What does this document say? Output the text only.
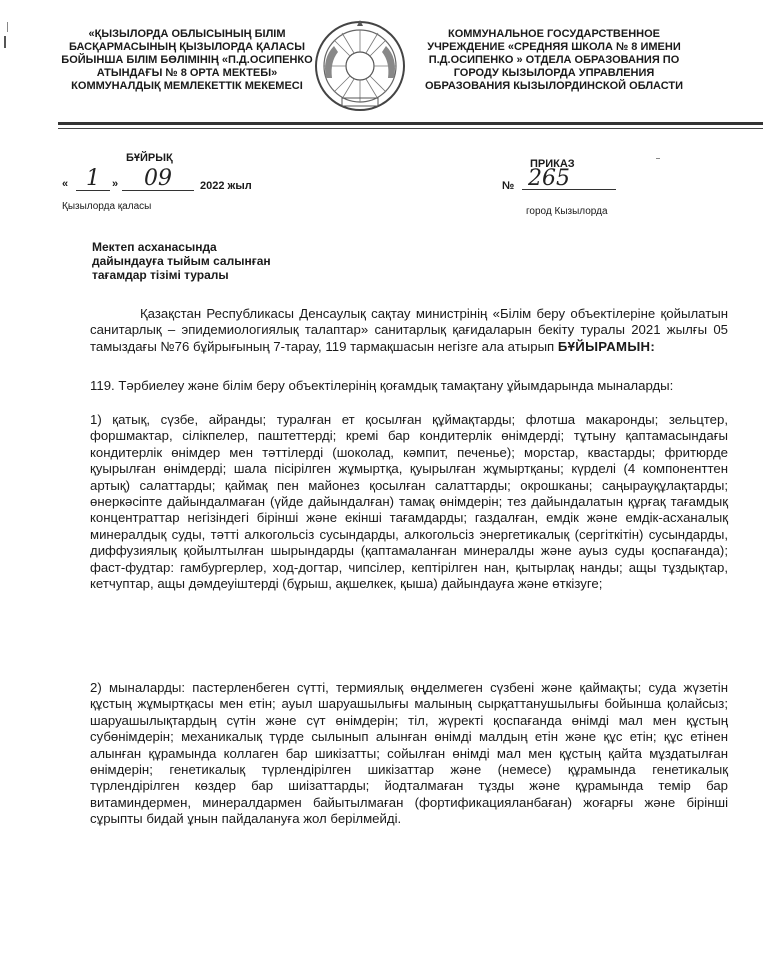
«ҚЫЗЫЛОРДА ОБЛЫСЫНЫҢ БІЛІМ БАСҚАРМАСЫНЫҢ ҚЫЗЫЛОРДА ҚАЛАСЫ БОЙЫНША БІЛІМ БӨЛІМІНІҢ «П.Д.ОСИПЕНКО АТЫНДАҒЫ № 8 ОРТА МЕКТЕБІ» КОММУНАЛДЫҚ МЕМЛЕКЕТТІК МЕКЕМЕСІ
КОММУНАЛЬНОЕ ГОСУДАРСТВЕННОЕ УЧРЕЖДЕНИЕ «СРЕДНЯЯ ШКОЛА № 8 ИМЕНИ П.Д.ОСИПЕНКО » ОТДЕЛА ОБРАЗОВАНИЯ ПО ГОРОДУ КЫЗЫЛОРДА УПРАВЛЕНИЯ ОБРАЗОВАНИЯ КЫЗЫЛОРДИНСКОЙ ОБЛАСТИ
БҰЙРЫҚ	ПРИКАЗ
« 1	»	09	2022 жыл	№ 265
Қызылорда қаласы	город Кызылорда
Мектеп асханасында
дайындауға тыйым салынған
тағамдар тізімі туралы
Қазақстан Республикасы Денсаулық сақтау министрінің «Білім беру объектілеріне қойылатын санитарлық – эпидемиологиялық талаптар» санитарлық қағидаларын бекіту туралы 2021 жылғы 05 тамыздағы №76 бұйрығының 7-тарау, 119 тармақшасын негізге ала атырып БҰЙЫРАМЫН:
119. Тәрбиелеу және білім беру объектілерінің қоғамдық тамақтану ұйымдарында мыналарды:
1) қатық, сүзбе, айранды; туралған ет қосылған құймақтарды; флотша макаронды; зельцтер, форшмактар, сілікпелер, паштеттерді; кремі бар кондитерлік өнімдерді; тұтыну қаптамасындағы кондитерлік өнімдер мен тәттілерді (шоколад, кәмпит, печенье); морстар, квастарды; фритюрде қуырылған өнімдерді; шала пісірілген жұмыртқа, қуырылған жұмыртқаны; күрделі (4 компоненттен артық) салаттарды; қаймақ пен майонез қосылған салаттарды; окрошканы; саңырауқұлақтарды; өнеркәсіпте дайындалмаған (үйде дайындалған) тамақ өнімдерін; тез дайындалатын құрғақ тағамдық концентраттар негізіндегі бірінші және екінші тағамдарды; газдалған, емдік және емдік-асханалық минералдық суды, тәтті алкогольсіз сусындарды, алкогольсіз энергетикалық (сергіткітін) сусындарды, диффузиялық қойылтылған шырындарды (қаптамаланған минералды және ауыз суды қоспағанда); фаст-фудтар: гамбургерлер, ход-догтар, чипсілер, кептірілген нан, қытырлақ нанды; ащы тұздықтар, кетчуптар, ащы дәмдеуіштерді (бұрыш, ақшелкек, қыша) дайындауға және өткізуге;
2) мыналарды: пастерленбеген сүтті, термиялық өңделмеген сүзбені және қаймақты; суда жүзетін құстың жұмыртқасы мен етін; ауыл шаруашылығы малының сырқаттанушылығы бойынша қолайсыз; шаруашылықтардың сүтін және сүт өнімдерін; тіл, жүректі қоспағанда өнімді мал мен құстың субөнімдерін; механикалық түрде сылынып алынған өнімді малдың етін және құс етін; құс етінен алынған құрамында коллаген бар шикізатты; сойылған өнімді мал мен құстың қайта мұздатылған өнімдерін; генетикалық түрлендірілген шикізаттар және (немесе) құрамында генетикалық түрлендірілген көздер бар шиізаттарды; йодталмаған тұзды және құрамында темір бар витаминдермен, минералдармен байытылмаған (фортификацияланбаған) жоғарғы және бірінші сұрыпты бидай ұнын пайдалануға жол берілмейді.
